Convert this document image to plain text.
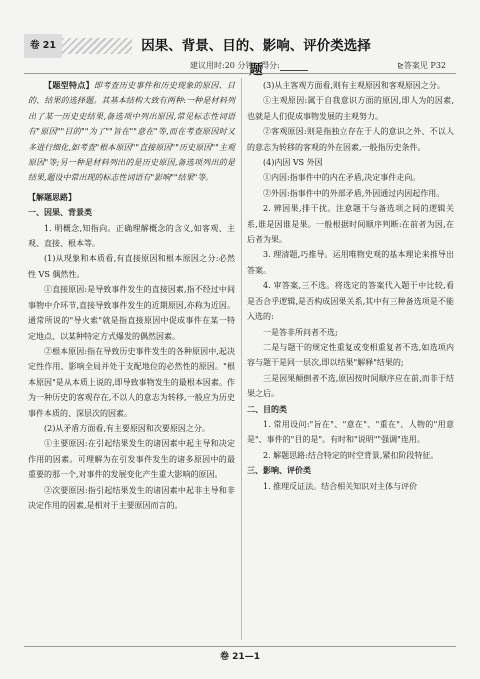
卷 21	因果、背景、目的、影响、评价类选择题
建议用时:20 分钟 得分:	⊵答案见 P32

【题型特点】即考查历史事件和历史现象的原因、目的、结果的选择题。其基本结构大致有两种:一种是材料列出了某一历史史结果,备选项中列出原因,常见标志性词语有"原因""目的""为了""旨在""意在"等,而在考查原因时又多进行细化,如考查"根本原因""直接原因""历史原因""主观原因"等;另一种是材料列出的是历史原因,备选项列出的是结果,题设中常出现的标志性词语有"影响""结果"等。

【解题思路】

一、因果、背景类

1. 明概念,知指向。正确理解概念的含义,如客观、主观、直接、根本等。

(1)从现象和本质看,有直接原因和根本原因之分:必然性 VS 偶然性。

①直接原因:是导致事件发生的直接因素,指不经过中间事物中介环节,直接导致事件发生的近期原因,亦称为近因。通常所说的"导火索"就是指直接原因中促成事件在某一特定地点、以某种特定方式爆发的偶然因素。

②根本原因:指在导致历史事件发生的各种原因中,起决定性作用、影响全局并处于支配地位的必然性的原因。"根本原因"是从本质上说的,即导致事物发生的最根本因素。作为一种历史的客观存在,不以人的意志为转移,一般应为历史事件本质的、深层次的因素。

(2)从矛盾方面看,有主要原因和次要原因之分。

①主要原因:在引起结果发生的诸因素中起主导和决定作用的因素。可理解为在引发事件发生的诸多原因中的最重要的那一个,对事件的发展变化产生重大影响的原因。

②次要原因:指引起结果发生的诸因素中起非主导和非决定作用的因素,是相对于主要原因而言的。

(3)从主客观方面看,则有主观原因和客观原因之分。

①主观原因:属于自我意识方面的原因,即人为的因素,也就是人们促成事物发展的主观努力。

②客观原因:则是指独立存在于人的意识之外、不以人的意志为转移的客观的外在因素,一般指历史条件。

(4)内因 VS 外因

①内因:指事件中的内在矛盾,决定事件走向。

②外因:指事件中的外部矛盾,外因通过内因起作用。

2. 辨因果,排干扰。注意题干与备选项之间的逻辑关系,谁是因谁是果。一般根据时间顺序判断:在前者为因,在后者为果。

3. 理清题,巧推导。运用唯物史观的基本理论来推导出答案。

4. 审答案,三不选。将选定的答案代入题干中比较,看是否合乎逻辑,是否构成因果关系,其中有三种备选项是不能入选的:

一是答非所问者不选;

二是与题干的规定性重复或变相重复者不选,如选项内容与题干是同一层次,即以结果"解释"结果的;

三是因果颠倒者不选,原因按时间顺序应在前,而非于结果之后。

二、目的类

1. 常用设问:"旨在"、"意在"、"重在"、人物的"用意是"、事件的"目的是"。有时和"说明""强调"连用。

2. 解题思路:结合特定的时空背景,紧扣阶段特征。

三、影响、评价类

1. 推理反证法。结合相关知识对主体与评价

卷 21—1
